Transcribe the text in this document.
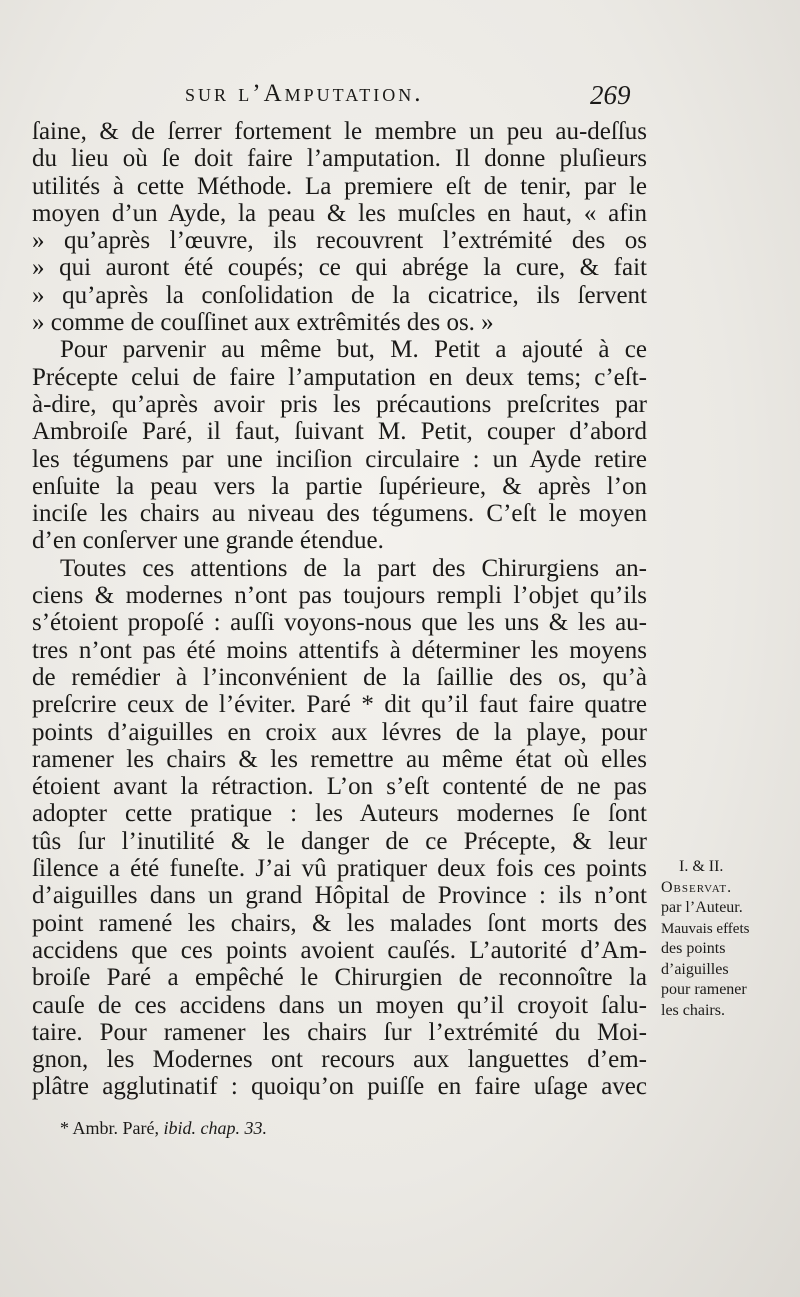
sur l’Amputation.	269
ſaine, & de ſerrer fortement le membre un peu au-deſſus
du lieu où ſe doit faire l’amputation. Il donne pluſieurs
utilités à cette Méthode. La premiere eſt de tenir, par le
moyen d’un Ayde, la peau & les muſcles en haut, « afin
» qu’après l’œuvre, ils recouvrent l’extrémité des os
» qui auront été coupés; ce qui abrége la cure, & fait
» qu’après la conſolidation de la cicatrice, ils ſervent
» comme de couſſinet aux extrêmités des os. »
Pour parvenir au même but, M. Petit a ajouté à ce
Précepte celui de faire l’amputation en deux tems; c’eſt-
à-dire, qu’après avoir pris les précautions preſcrites par
Ambroiſe Paré, il faut, ſuivant M. Petit, couper d’abord
les tégumens par une inciſion circulaire : un Ayde retire
enſuite la peau vers la partie ſupérieure, & après l’on
inciſe les chairs au niveau des tégumens. C’eſt le moyen
d’en conſerver une grande étendue.
Toutes ces attentions de la part des Chirurgiens an-
ciens & modernes n’ont pas toujours rempli l’objet qu’ils
s’étoient propoſé : auſſi voyons-nous que les uns & les au-
tres n’ont pas été moins attentifs à déterminer les moyens
de remédier à l’inconvénient de la ſaillie des os, qu’à
preſcrire ceux de l’éviter. Paré * dit qu’il faut faire quatre
points d’aiguilles en croix aux lévres de la playe, pour
ramener les chairs & les remettre au même état où elles
étoient avant la rétraction. L’on s’eſt contenté de ne pas
adopter cette pratique : les Auteurs modernes ſe ſont
tûs ſur l’inutilité & le danger de ce Précepte, & leur
ſilence a été funeſte. J’ai vû pratiquer deux fois ces points
d’aiguilles dans un grand Hôpital de Province : ils n’ont
point ramené les chairs, & les malades ſont morts des
accidens que ces points avoient cauſés. L’autorité d’Am-
broiſe Paré a empêché le Chirurgien de reconnoître la
cauſe de ces accidens dans un moyen qu’il croyoit ſalu-
taire. Pour ramener les chairs ſur l’extrémité du Moi-
gnon, les Modernes ont recours aux languettes d’em-
plâtre agglutinatif : quoiqu’on puiſſe en faire uſage avec
* Ambr. Paré, ibid. chap. 33.
I. & II.
Observat.
par l’Auteur.
Mauvais effets
des points
d’aiguilles
pour ramener
les chairs.
